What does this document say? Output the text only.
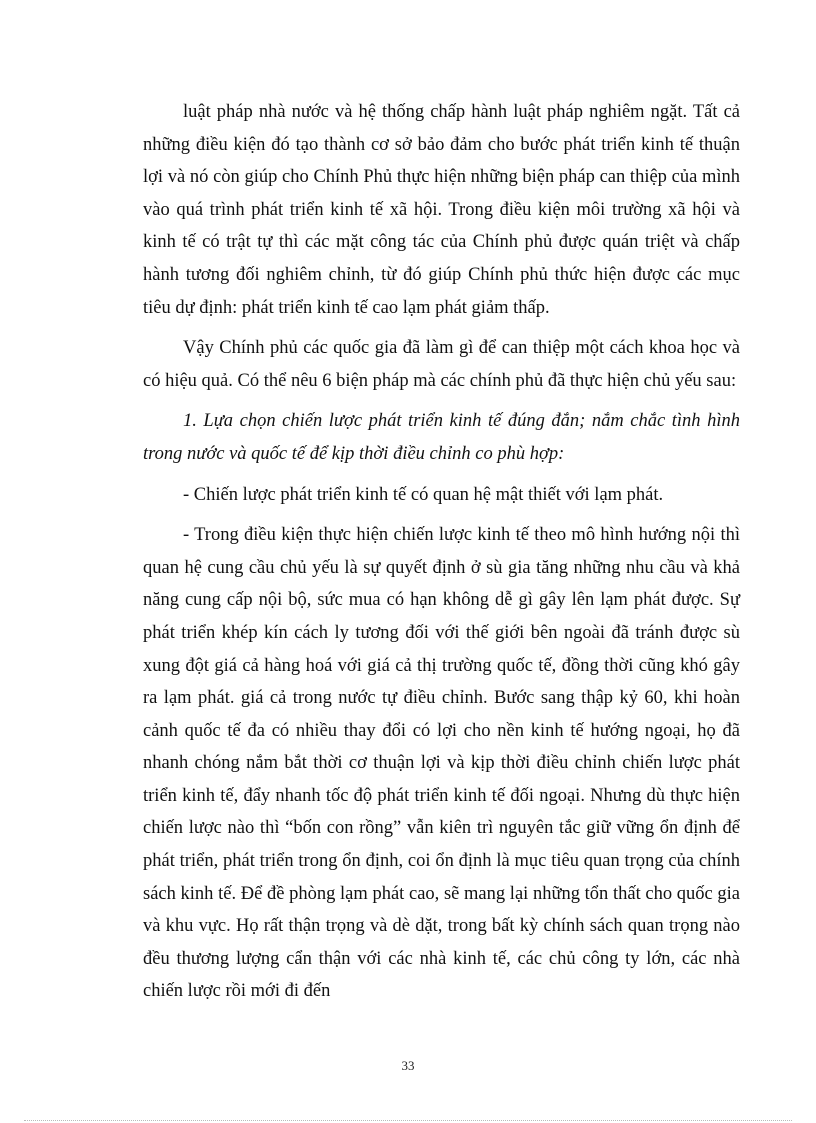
luật pháp nhà nước và hệ thống chấp hành luật pháp nghiêm ngặt. Tất cả những điều kiện đó tạo thành cơ sở bảo đảm cho bước phát triển kinh tế thuận lợi và nó còn giúp cho Chính Phủ thực hiện những biện pháp can thiệp của mình vào quá trình phát triển kinh tế xã hội. Trong điều kiện môi trường xã hội và kinh tế có trật tự thì các mặt công tác của Chính phủ được quán triệt và chấp hành tương đối nghiêm chỉnh, từ đó giúp Chính phủ thức hiện được các mục tiêu dự định: phát triển kinh tế cao lạm phát giảm thấp.

Vậy Chính phủ các quốc gia đã làm gì để can thiệp một cách khoa học và có hiệu quả. Có thể nêu 6 biện pháp mà các chính phủ đã thực hiện chủ yếu sau:

1. Lựa chọn chiến lược phát triển kinh tế đúng đắn; nắm chắc tình hình trong nước và quốc tế để kịp thời điều chỉnh co phù hợp:

- Chiến lược phát triển kinh tế có quan hệ mật thiết với lạm phát.

- Trong điều kiện thực hiện chiến lược kinh tế theo mô hình hướng nội thì quan hệ cung cầu chủ yếu là sự quyết định ở sù gia tăng những nhu cầu và khả năng cung cấp nội bộ, sức mua có hạn không dễ gì gây lên lạm phát được. Sự phát triển khép kín cách ly tương đối với thế giới bên ngoài đã tránh được sù xung đột giá cả hàng hoá với giá cả thị trường quốc tế, đồng thời cũng khó gây ra lạm phát. giá cả trong nước tự điều chỉnh. Bước sang thập kỷ 60, khi hoàn cảnh quốc tế đa có nhiều thay đổi có lợi cho nền kinh tế hướng ngoại, họ đã nhanh chóng nắm bắt thời cơ thuận lợi và kịp thời điều chỉnh chiến lược phát triển kinh tế, đẩy nhanh tốc độ phát triển kinh tế đối ngoại. Nhưng dù thực hiện chiến lược nào thì “bốn con rồng” vẫn kiên trì nguyên tắc giữ vững ổn định để phát triển, phát triển trong ổn định, coi ổn định là mục tiêu quan trọng của chính sách kinh tế. Để đề phòng lạm phát cao, sẽ mang lại những tổn thất cho quốc gia và khu vực. Họ rất thận trọng và dè dặt, trong bất kỳ chính sách quan trọng nào đều thương lượng cẩn thận với các nhà kinh tế, các chủ công ty lớn, các nhà chiến lược rồi mới đi đến

33
